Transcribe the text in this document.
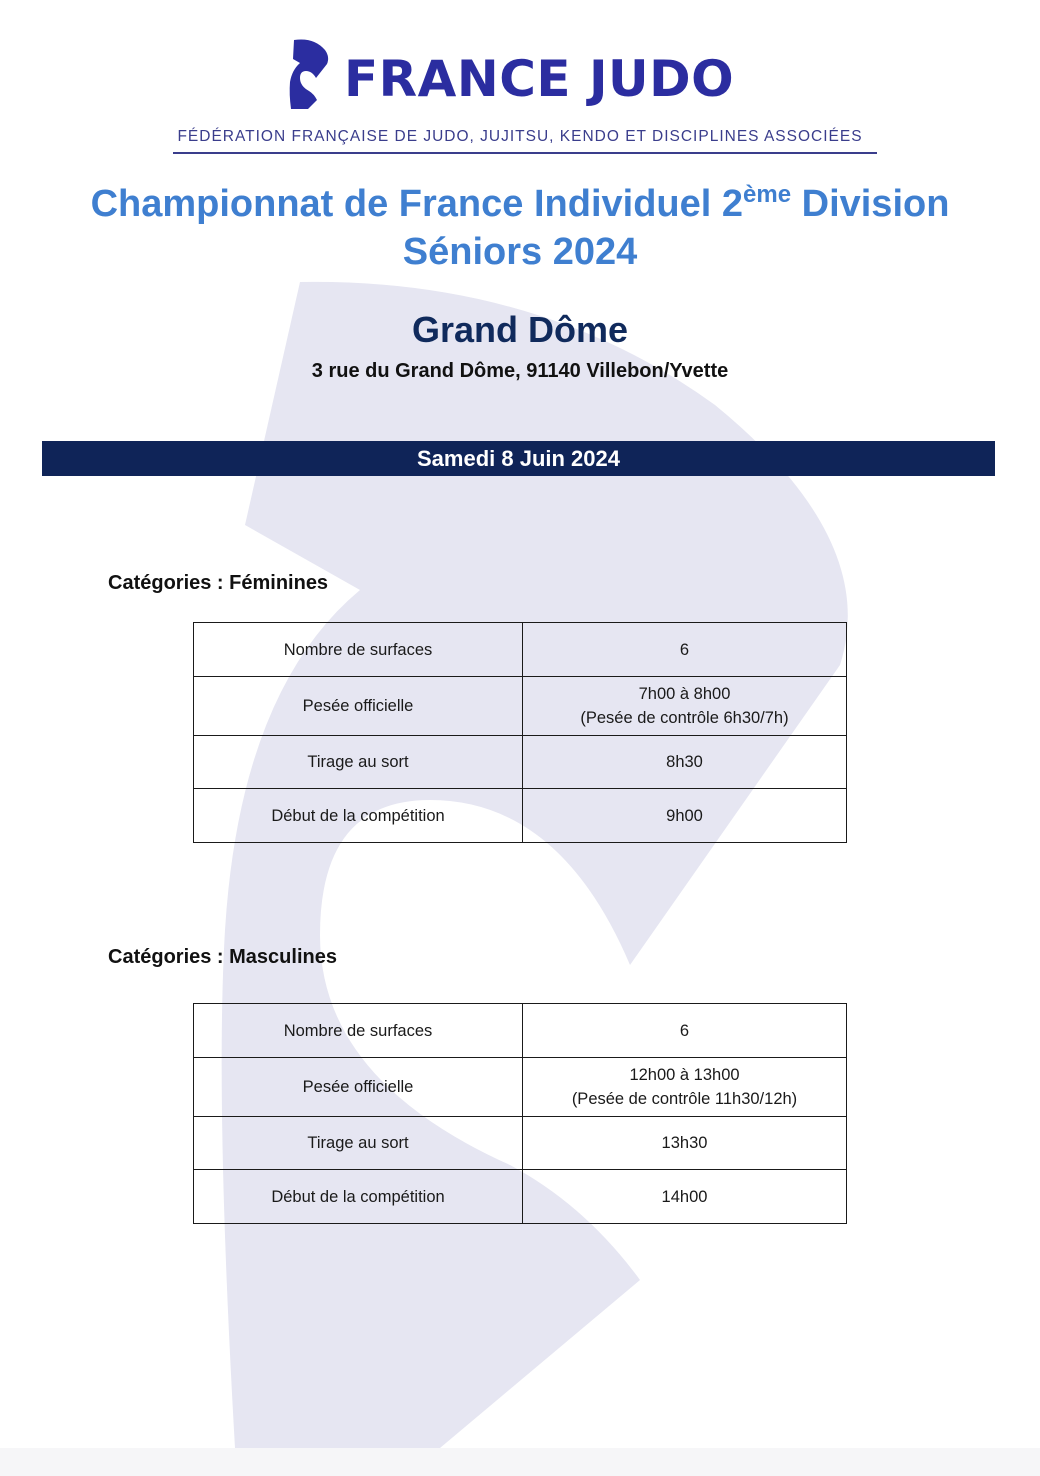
FRANCE JUDO
FÉDÉRATION FRANÇAISE DE JUDO, JUJITSU, KENDO ET DISCIPLINES ASSOCIÉES
Championnat de France Individuel 2ème Division
Séniors 2024
Grand Dôme
3 rue du Grand Dôme, 91140 Villebon/Yvette
Samedi 8 Juin 2024
Catégories : Féminines
Nombre de surfaces	6

Pesée officielle	7h00 à 8h00
(Pesée de contrôle 6h30/7h)

Tirage au sort	8h30

Début de la compétition	9h00
Catégories : Masculines
Nombre de surfaces	6

Pesée officielle	12h00 à 13h00
(Pesée de contrôle 11h30/12h)

Tirage au sort	13h30

Début de la compétition	14h00
